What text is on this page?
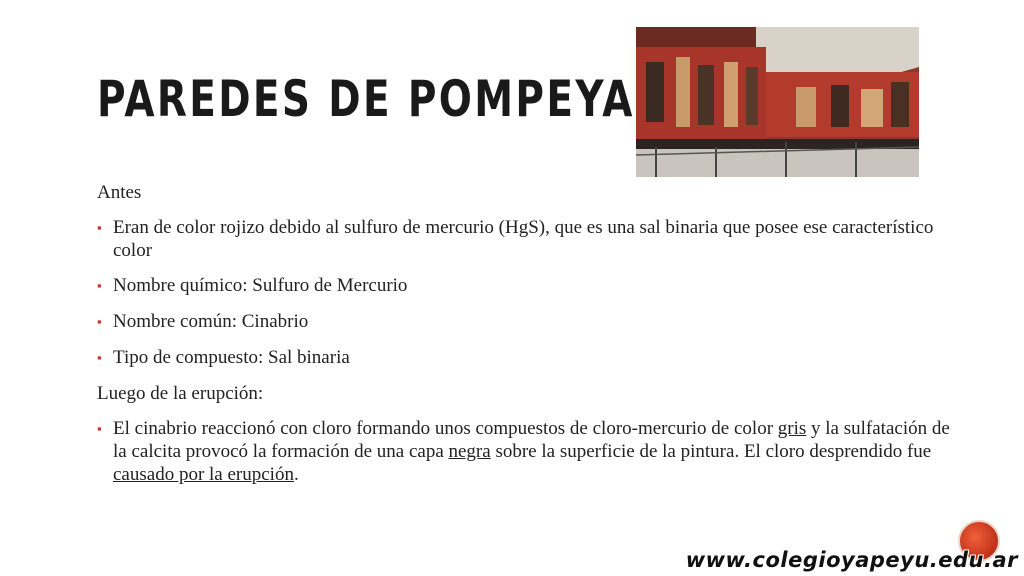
PAREDES DE POMPEYA

Antes

▪ Eran de color rojizo debido al sulfuro de mercurio (HgS), que es una sal binaria que posee ese característico color
▪ Nombre químico: Sulfuro de Mercurio
▪ Nombre común: Cinabrio
▪ Tipo de compuesto: Sal binaria

Luego de la erupción:

▪ El cinabrio reaccionó con cloro formando unos compuestos de cloro-mercurio de color gris y la sulfatación de la calcita provocó la formación de una capa negra sobre la superficie de la pintura. El cloro desprendido fue causado por la erupción.
www.colegioyapeyu.edu.ar
